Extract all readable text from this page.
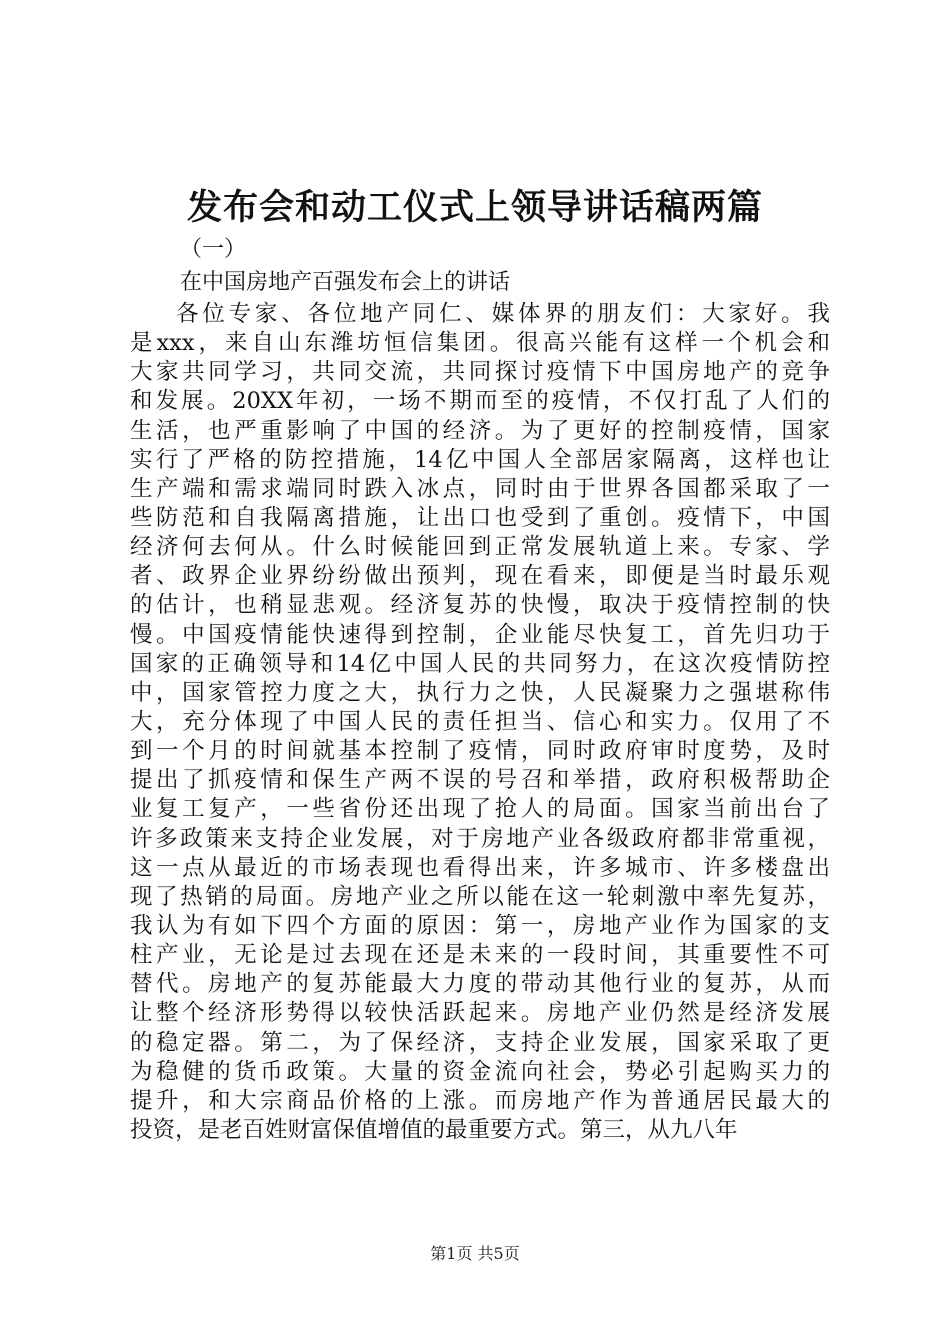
发布会和动工仪式上领导讲话稿两篇
（一）
在中国房地产百强发布会上的讲话
各位专家、各位地产同仁、媒体界的朋友们：大家好。我
是xxx，来自山东潍坊恒信集团。很高兴能有这样一个机会和
大家共同学习，共同交流，共同探讨疫情下中国房地产的竞争
和发展。20XX年初，一场不期而至的疫情，不仅打乱了人们的
生活，也严重影响了中国的经济。为了更好的控制疫情，国家
实行了严格的防控措施，14亿中国人全部居家隔离，这样也让
生产端和需求端同时跌入冰点，同时由于世界各国都采取了一
些防范和自我隔离措施，让出口也受到了重创。疫情下，中国
经济何去何从。什么时候能回到正常发展轨道上来。专家、学
者、政界企业界纷纷做出预判，现在看来，即便是当时最乐观
的估计，也稍显悲观。经济复苏的快慢，取决于疫情控制的快
慢。中国疫情能快速得到控制，企业能尽快复工，首先归功于
国家的正确领导和14亿中国人民的共同努力，在这次疫情防控
中，国家管控力度之大，执行力之快，人民凝聚力之强堪称伟
大，充分体现了中国人民的责任担当、信心和实力。仅用了不
到一个月的时间就基本控制了疫情，同时政府审时度势，及时
提出了抓疫情和保生产两不误的号召和举措，政府积极帮助企
业复工复产，一些省份还出现了抢人的局面。国家当前出台了
许多政策来支持企业发展，对于房地产业各级政府都非常重视，
这一点从最近的市场表现也看得出来，许多城市、许多楼盘出
现了热销的局面。房地产业之所以能在这一轮刺激中率先复苏，
我认为有如下四个方面的原因：第一，房地产业作为国家的支
柱产业，无论是过去现在还是未来的一段时间，其重要性不可
替代。房地产的复苏能最大力度的带动其他行业的复苏，从而
让整个经济形势得以较快活跃起来。房地产业仍然是经济发展
的稳定器。第二，为了保经济，支持企业发展，国家采取了更
为稳健的货币政策。大量的资金流向社会，势必引起购买力的
提升，和大宗商品价格的上涨。而房地产作为普通居民最大的
投资，是老百姓财富保值增值的最重要方式。第三，从九八年
第1页 共5页
